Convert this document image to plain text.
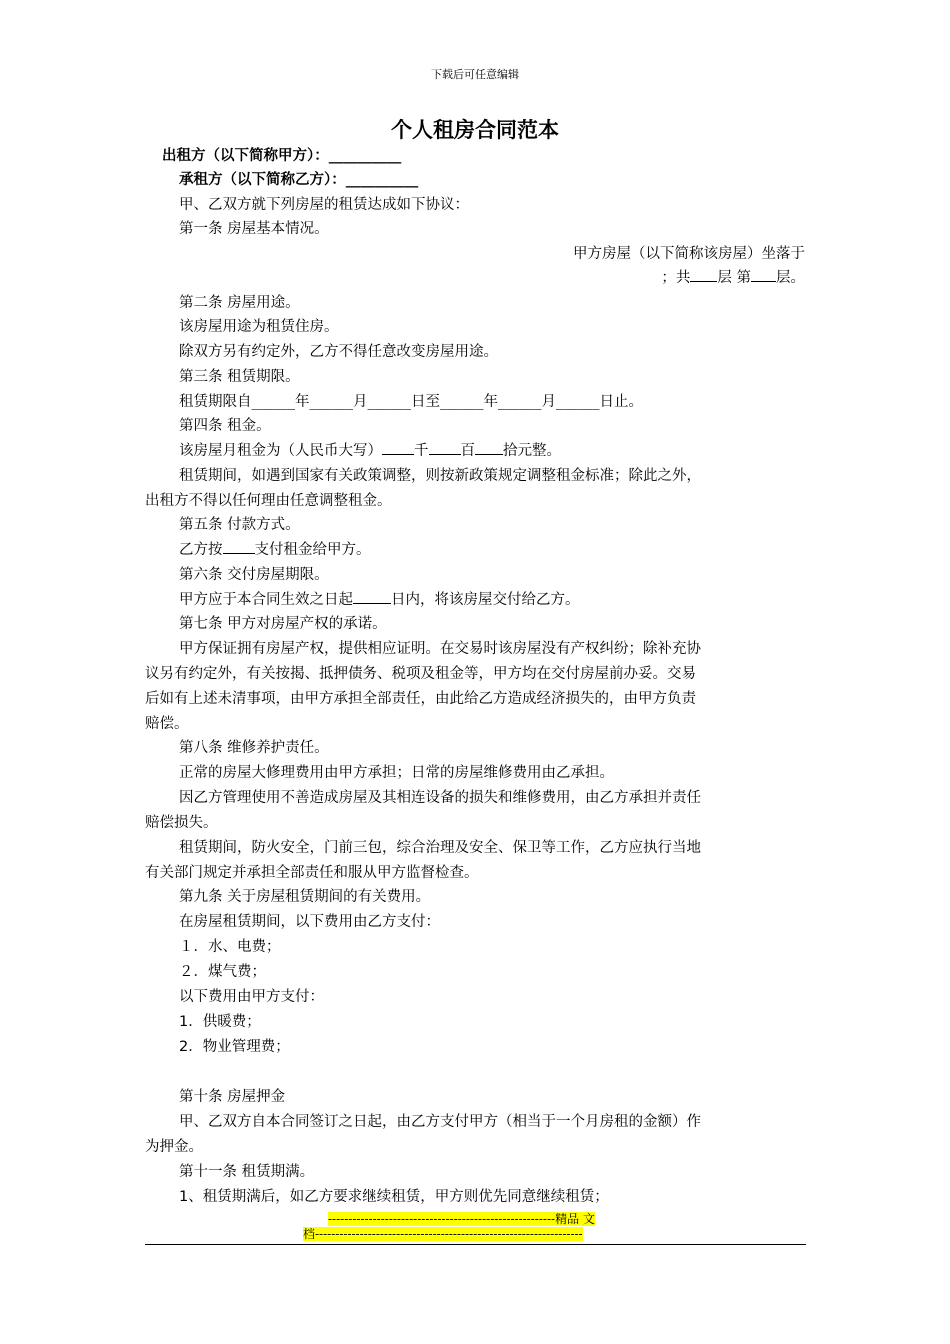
下载后可任意编辑
个人租房合同范本
出租方（以下简称甲方）：__________
承租方（以下简称乙方）：__________
甲、乙双方就下列房屋的租赁达成如下协议：
第一条 房屋基本情况。
甲方房屋（以下简称该房屋）坐落于
；共 层 第 层。
第二条 房屋用途。
该房屋用途为租赁住房。
除双方另有约定外，乙方不得任意改变房屋用途。
第三条 租赁期限。
租赁期限自______年______月______日至______年______月______日止。
第四条 租金。
该房屋月租金为（人民币大写） 千 百 拾元整。
租赁期间，如遇到国家有关政策调整，则按新政策规定调整租金标准；除此之外，
出租方不得以任何理由任意调整租金。
第五条 付款方式。
乙方按 支付租金给甲方。
第六条 交付房屋期限。
甲方应于本合同生效之日起	日内，将该房屋交付给乙方。
第七条 甲方对房屋产权的承诺。
甲方保证拥有房屋产权，提供相应证明。在交易时该房屋没有产权纠纷；除补充协
议另有约定外，有关按揭、抵押债务、税项及租金等，甲方均在交付房屋前办妥。交易
后如有上述未清事项，由甲方承担全部责任，由此给乙方造成经济损失的，由甲方负责
赔偿。
第八条 维修养护责任。
正常的房屋大修理费用由甲方承担；日常的房屋维修费用由乙承担。
因乙方管理使用不善造成房屋及其相连设备的损失和维修费用，由乙方承担并责任
赔偿损失。
租赁期间，防火安全，门前三包，综合治理及安全、保卫等工作，乙方应执行当地
有关部门规定并承担全部责任和服从甲方监督检查。
第九条 关于房屋租赁期间的有关费用。
在房屋租赁期间，以下费用由乙方支付：
１．水、电费；
２．煤气费；
以下费用由甲方支付：
1．供暖费；
2．物业管理费；
第十条 房屋押金
甲、乙双方自本合同签订之日起，由乙方支付甲方（相当于一个月房租的金额）作
为押金。
第十一条 租赁期满。
1、租赁期满后，如乙方要求继续租赁，甲方则优先同意继续租赁；
--------------------------------------------------------精品 文
档------------------------------------------------------------------
